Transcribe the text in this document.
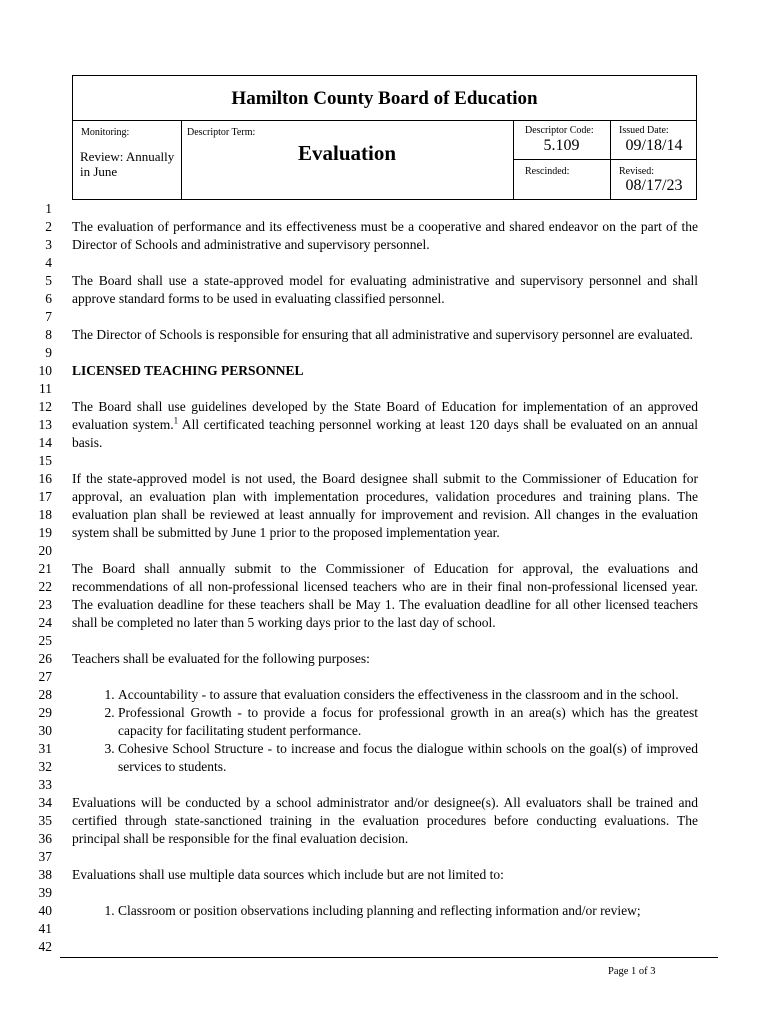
Hamilton County Board of Education
Monitoring:
Review: Annually in June
Descriptor Term:
Evaluation
Descriptor Code:
5.109
Issued Date:
09/18/14
Rescinded:	Revised:
08/17/23
1
2
3
4
5
6
7
8
9
10
11
12
13
14
15
16
17
18
19
20
21
22
23
24
25
26
27
28
29
30
31
32
33
34
35
36
37
38
39
40
41
42

The evaluation of performance and its effectiveness must be a cooperative and shared endeavor on the part of the Director of Schools and administrative and supervisory personnel.

The Board shall use a state-approved model for evaluating administrative and supervisory personnel and shall approve standard forms to be used in evaluating classified personnel.

The Director of Schools is responsible for ensuring that all administrative and supervisory personnel are evaluated.

LICENSED TEACHING PERSONNEL

The Board shall use guidelines developed by the State Board of Education for implementation of an approved evaluation system.$^1$ All certificated teaching personnel working at least 120 days shall be evaluated on an annual basis.

If the state-approved model is not used, the Board designee shall submit to the Commissioner of Education for approval, an evaluation plan with implementation procedures, validation procedures and training plans. The evaluation plan shall be reviewed at least annually for improvement and revision. All changes in the evaluation system shall be submitted by June 1 prior to the proposed implementation year.

The Board shall annually submit to the Commissioner of Education for approval, the evaluations and recommendations of all non-professional licensed teachers who are in their final non-professional licensed year. The evaluation deadline for these teachers shall be May 1. The evaluation deadline for all other licensed teachers shall be completed no later than 5 working days prior to the last day of school.

Teachers shall be evaluated for the following purposes:

1. Accountability - to assure that evaluation considers the effectiveness in the classroom and in the school.
2. Professional Growth - to provide a focus for professional growth in an area(s) which has the greatest capacity for facilitating student performance.
3. Cohesive School Structure - to increase and focus the dialogue within schools on the goal(s) of improved services to students.

Evaluations will be conducted by a school administrator and/or designee(s). All evaluators shall be trained and certified through state-sanctioned training in the evaluation procedures before conducting evaluations. The principal shall be responsible for the final evaluation decision.

Evaluations shall use multiple data sources which include but are not limited to:

1. Classroom or position observations including planning and reflecting information and/or review;
Page 1 of 3
